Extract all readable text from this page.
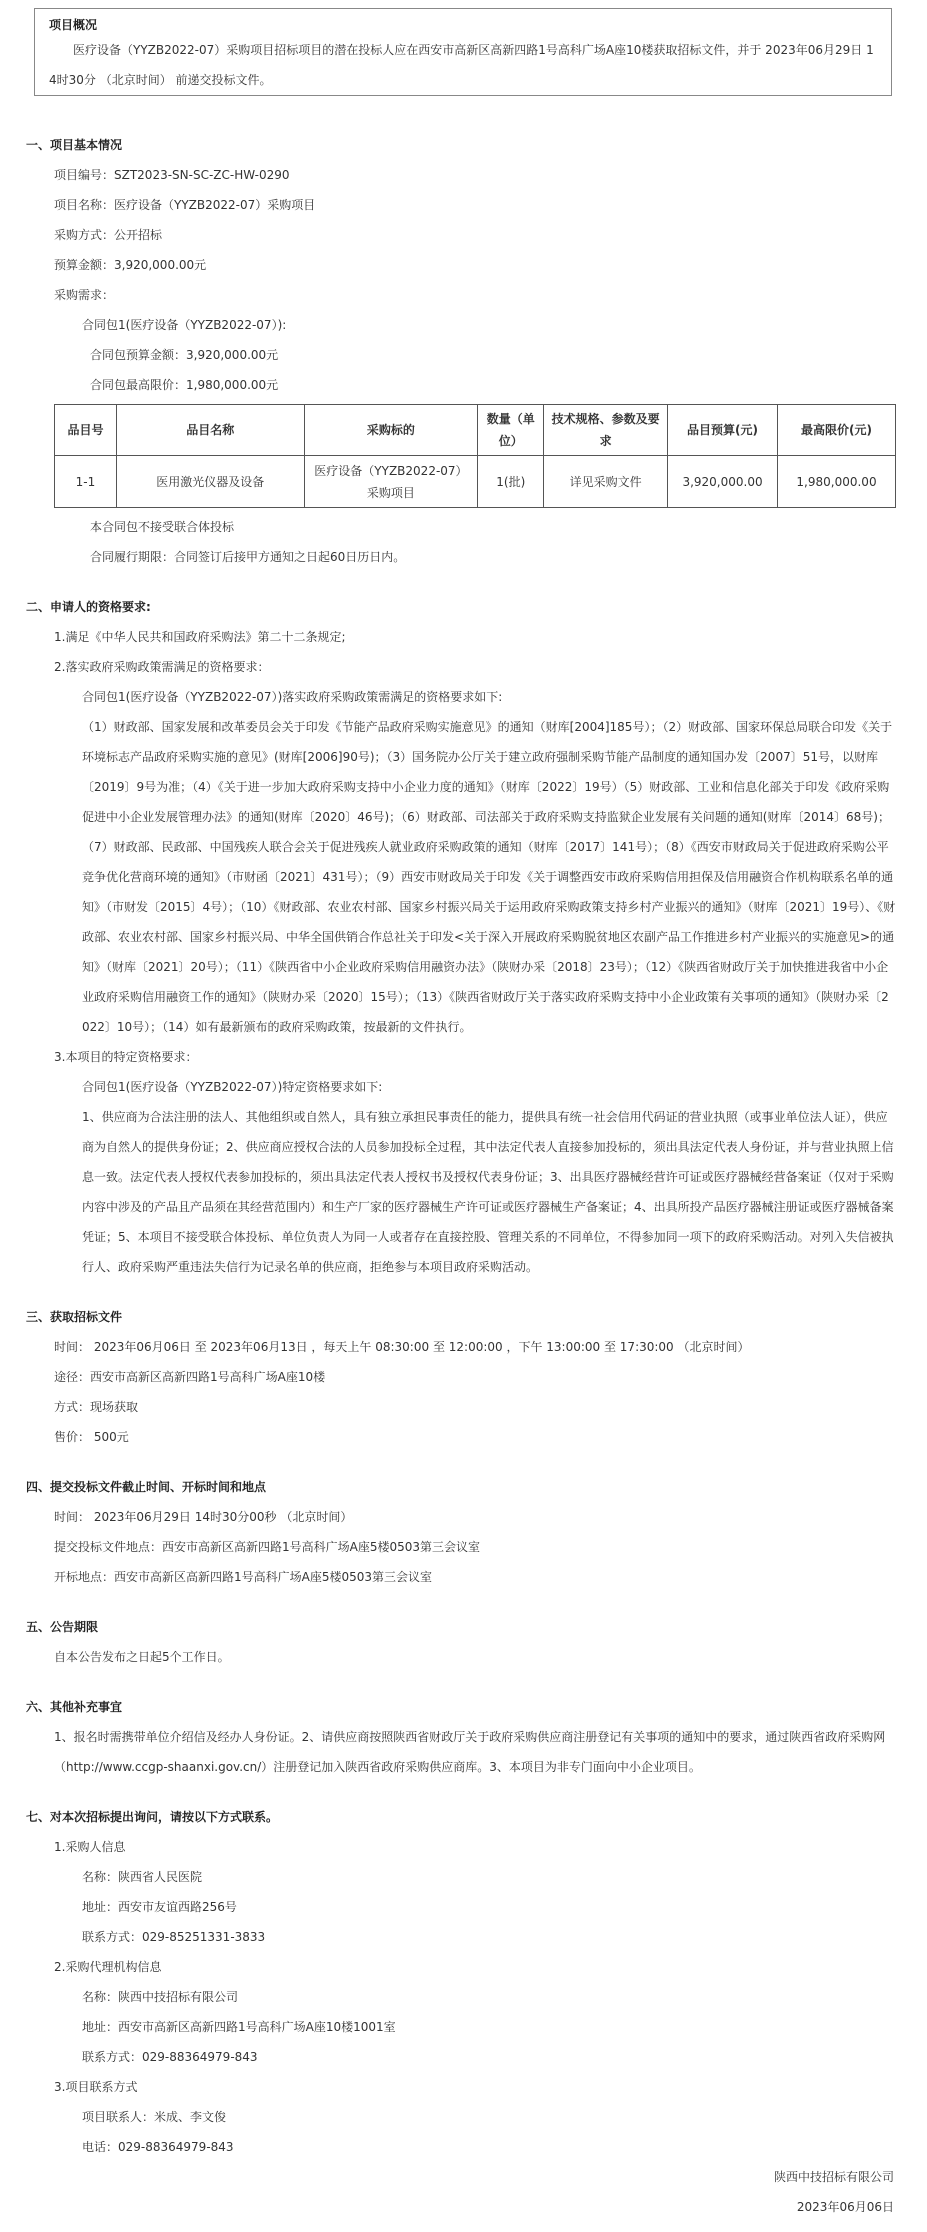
项目概况
医疗设备（YYZB2022-07）采购项目招标项目的潜在投标人应在西安市高新区高新四路1号高科广场A座10楼获取招标文件，并于 2023年06月29日 14时30分 （北京时间） 前递交投标文件。
一、项目基本情况
项目编号：SZT2023-SN-SC-ZC-HW-0290
项目名称：医疗设备（YYZB2022-07）采购项目
采购方式：公开招标
预算金额：3,920,000.00元
采购需求：
合同包1(医疗设备（YYZB2022-07）):
合同包预算金额：3,920,000.00元
合同包最高限价：1,980,000.00元
品目号	品目名称	采购标的	数量（单位）	技术规格、参数及要求	品目预算(元)	最高限价(元)
1-1	医用激光仪器及设备	医疗设备（YYZB2022-07）采购项目	1(批)	详见采购文件	3,920,000.00	1,980,000.00
本合同包不接受联合体投标
合同履行期限：合同签订后接甲方通知之日起60日历日内。
二、申请人的资格要求:
1.满足《中华人民共和国政府采购法》第二十二条规定;
2.落实政府采购政策需满足的资格要求：
合同包1(医疗设备（YYZB2022-07）)落实政府采购政策需满足的资格要求如下:
（1）财政部、国家发展和改革委员会关于印发《节能产品政府采购实施意见》的通知（财库[2004]185号）；（2）财政部、国家环保总局联合印发《关于环境标志产品政府采购实施的意见》(财库[2006]90号)；（3）国务院办公厅关于建立政府强制采购节能产品制度的通知国办发〔2007〕51号，以财库〔2019〕9号为准；（4）《关于进一步加大政府采购支持中小企业力度的通知》（财库〔2022〕19号）（5）财政部、工业和信息化部关于印发《政府采购促进中小企业发展管理办法》的通知(财库〔2020〕46号)；（6）财政部、司法部关于政府采购支持监狱企业发展有关问题的通知(财库〔2014〕68号)；（7）财政部、民政部、中国残疾人联合会关于促进残疾人就业政府采购政策的通知（财库〔2017〕141号）；（8）《西安市财政局关于促进政府采购公平竞争优化营商环境的通知》（市财函〔2021〕431号）；（9）西安市财政局关于印发《关于调整西安市政府采购信用担保及信用融资合作机构联系名单的通知》（市财发〔2015〕4号）；（10）《财政部、农业农村部、国家乡村振兴局关于运用政府采购政策支持乡村产业振兴的通知》（财库〔2021〕19号）、《财政部、农业农村部、国家乡村振兴局、中华全国供销合作总社关于印发<关于深入开展政府采购脱贫地区农副产品工作推进乡村产业振兴的实施意见>的通知》（财库〔2021〕20号）；（11）《陕西省中小企业政府采购信用融资办法》（陕财办采〔2018〕23号）；（12）《陕西省财政厅关于加快推进我省中小企业政府采购信用融资工作的通知》（陕财办采〔2020〕15号）；（13）《陕西省财政厅关于落实政府采购支持中小企业政策有关事项的通知》（陕财办采〔2022〕10号）；（14）如有最新颁布的政府采购政策，按最新的文件执行。
3.本项目的特定资格要求：
合同包1(医疗设备（YYZB2022-07）)特定资格要求如下:
1、供应商为合法注册的法人、其他组织或自然人，具有独立承担民事责任的能力，提供具有统一社会信用代码证的营业执照（或事业单位法人证），供应商为自然人的提供身份证；2、供应商应授权合法的人员参加投标全过程，其中法定代表人直接参加投标的，须出具法定代表人身份证，并与营业执照上信息一致。法定代表人授权代表参加投标的，须出具法定代表人授权书及授权代表身份证；3、出具医疗器械经营许可证或医疗器械经营备案证（仅对于采购内容中涉及的产品且产品须在其经营范围内）和生产厂家的医疗器械生产许可证或医疗器械生产备案证；4、出具所投产品医疗器械注册证或医疗器械备案凭证；5、本项目不接受联合体投标、单位负责人为同一人或者存在直接控股、管理关系的不同单位，不得参加同一项下的政府采购活动。对列入失信被执行人、政府采购严重违法失信行为记录名单的供应商，拒绝参与本项目政府采购活动。
三、获取招标文件
时间： 2023年06月06日 至 2023年06月13日 ，每天上午 08:30:00 至 12:00:00 ，下午 13:00:00 至 17:30:00 （北京时间）
途径：西安市高新区高新四路1号高科广场A座10楼
方式：现场获取
售价： 500元
四、提交投标文件截止时间、开标时间和地点
时间： 2023年06月29日 14时30分00秒 （北京时间）
提交投标文件地点：西安市高新区高新四路1号高科广场A座5楼0503第三会议室
开标地点：西安市高新区高新四路1号高科广场A座5楼0503第三会议室
五、公告期限
自本公告发布之日起5个工作日。
六、其他补充事宜
1、报名时需携带单位介绍信及经办人身份证。2、请供应商按照陕西省财政厅关于政府采购供应商注册登记有关事项的通知中的要求，通过陕西省政府采购网（http://www.ccgp-shaanxi.gov.cn/）注册登记加入陕西省政府采购供应商库。3、本项目为非专门面向中小企业项目。
七、对本次招标提出询问，请按以下方式联系。
1.采购人信息
名称：陕西省人民医院
地址：西安市友谊西路256号
联系方式：029-85251331-3833
2.采购代理机构信息
名称：陕西中技招标有限公司
地址：西安市高新区高新四路1号高科广场A座10楼1001室
联系方式：029-88364979-843
3.项目联系方式
项目联系人：米成、李文俊
电话：029-88364979-843
陕西中技招标有限公司
2023年06月06日
